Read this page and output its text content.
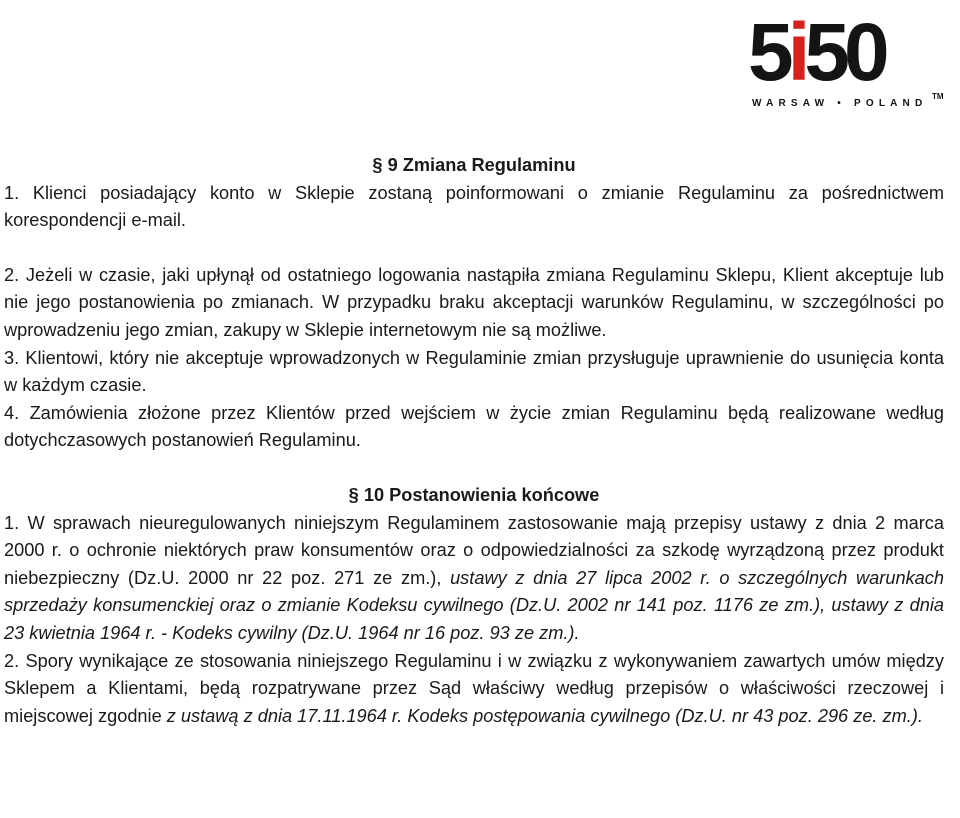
5i50	TM
WARSAW • POLAND

§ 9 Zmiana Regulaminu

1. Klienci posiadający konto w Sklepie zostaną poinformowani o zmianie Regulaminu za pośrednictwem korespondencji e-mail.

2. Jeżeli w czasie, jaki upłynął od ostatniego logowania nastąpiła zmiana Regulaminu Sklepu, Klient akceptuje lub nie jego postanowienia po zmianach. W przypadku braku akceptacji warunków Regulaminu, w szczególności po wprowadzeniu jego zmian, zakupy w Sklepie internetowym nie są możliwe.

3. Klientowi, który nie akceptuje wprowadzonych w Regulaminie zmian przysługuje uprawnienie do usunięcia konta w każdym czasie.

4. Zamówienia złożone przez Klientów przed wejściem w życie zmian Regulaminu będą realizowane według dotychczasowych postanowień Regulaminu.

§ 10 Postanowienia końcowe

1. W sprawach nieuregulowanych niniejszym Regulaminem zastosowanie mają przepisy ustawy z dnia 2 marca 2000 r. o ochronie niektórych praw konsumentów oraz o odpowiedzialności za szkodę wyrządzoną przez produkt niebezpieczny (Dz.U. 2000 nr 22 poz. 271 ze zm.), ustawy z dnia 27 lipca 2002 r. o szczególnych warunkach sprzedaży konsumenckiej oraz o zmianie Kodeksu cywilnego (Dz.U. 2002 nr 141 poz. 1176 ze zm.), ustawy z dnia 23 kwietnia 1964 r. - Kodeks cywilny (Dz.U. 1964 nr 16 poz. 93 ze zm.).

2. Spory wynikające ze stosowania niniejszego Regulaminu i w związku z wykonywaniem zawartych umów między Sklepem a Klientami, będą rozpatrywane przez Sąd właściwy według przepisów o właściwości rzeczowej i miejscowej zgodnie z ustawą z dnia 17.11.1964 r. Kodeks postępowania cywilnego (Dz.U. nr 43 poz. 296 ze. zm.).
